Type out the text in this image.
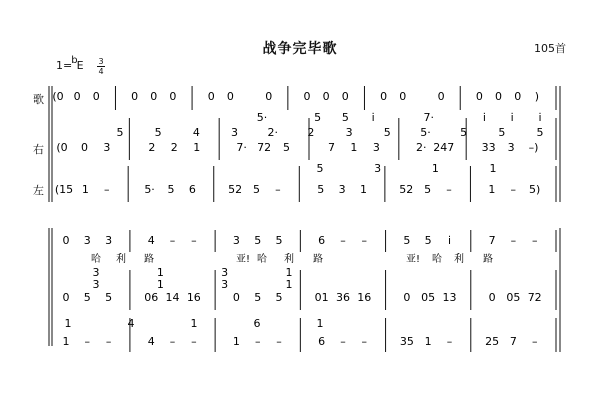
战争完毕歌	105首
1=bE 3
4
歌
右
左
(0 0 0	0 0 0	0 0	0	0 0 0	0 0	0	0 0 0 )
5·	5 5 i̇	7·	i̇ i̇ i̇
5	5	4	3	2·	2	3	5	5·	5	5	5
(0 0 3	2 2 1	7· 72 5	7 1 3	2· 247 33 3 –)
5	3	1	1
(15 1 –	5· 5 6	52 5 –	5 3 1	52 5 –	1 – 5)
0 3 3	4 – –	3 5 5	6 – –	5 5 i̇	7 – –
哈 利 路	亚! 哈 利 路	亚! 哈 利 路
3	1	3	1
3	1	3	1
0 5 5	06 14 16	0 5 5	01 36 16	0 05 13	0 05 72
1	4	1	6	1
1 – –	4 – –	1 – –	6 – –	35 1 –	25 7 –
